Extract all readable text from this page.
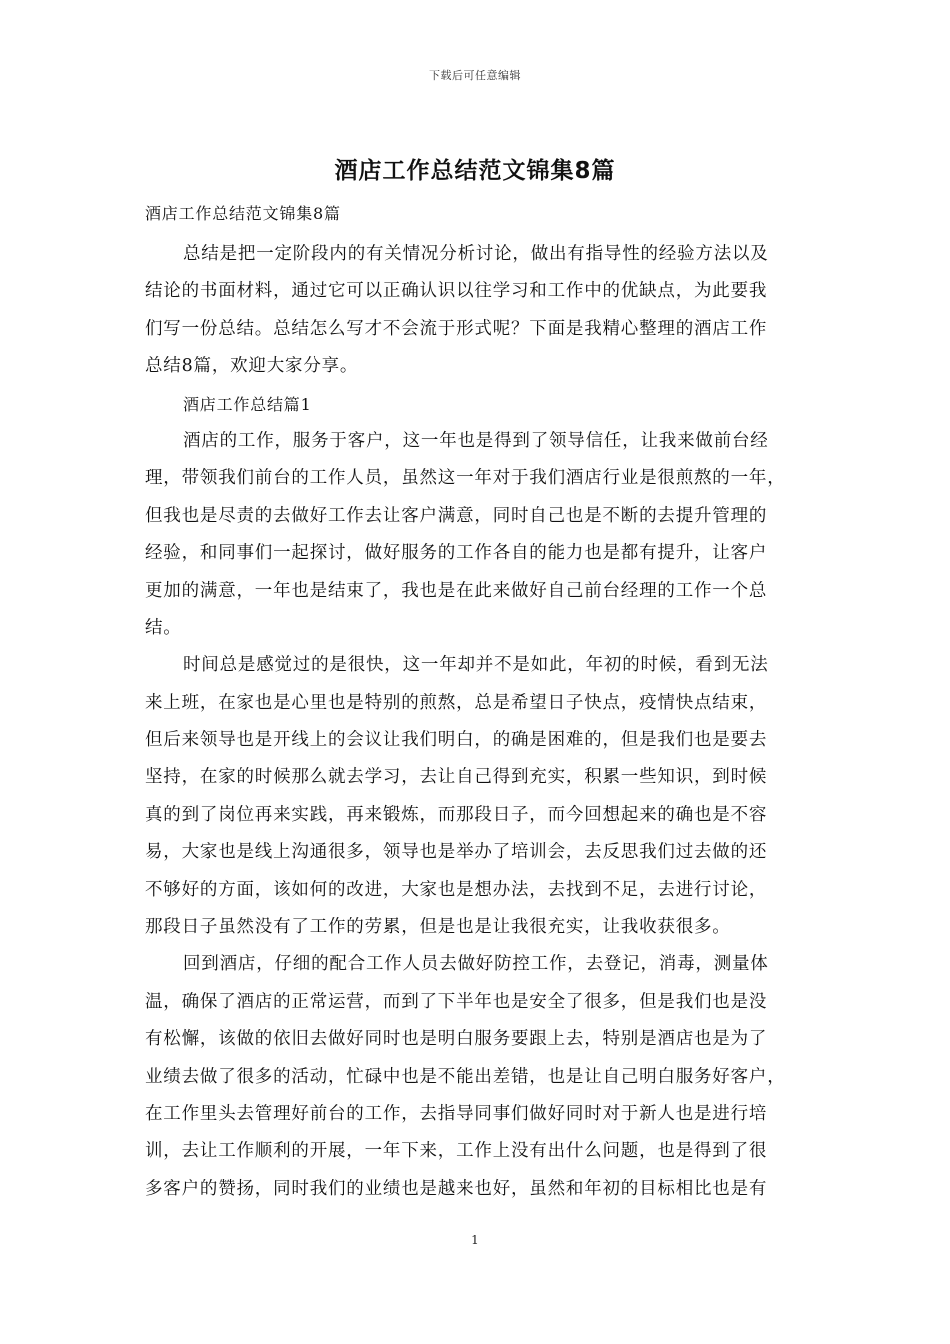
下载后可任意编辑
酒店工作总结范文锦集8篇
酒店工作总结范文锦集8篇
总结是把一定阶段内的有关情况分析讨论，做出有指导性的经验方法以及
结论的书面材料，通过它可以正确认识以往学习和工作中的优缺点，为此要我
们写一份总结。总结怎么写才不会流于形式呢？下面是我精心整理的酒店工作
总结8篇，欢迎大家分享。
酒店工作总结篇1
酒店的工作，服务于客户，这一年也是得到了领导信任，让我来做前台经
理，带领我们前台的工作人员，虽然这一年对于我们酒店行业是很煎熬的一年，
但我也是尽责的去做好工作去让客户满意，同时自己也是不断的去提升管理的
经验，和同事们一起探讨，做好服务的工作各自的能力也是都有提升，让客户
更加的满意，一年也是结束了，我也是在此来做好自己前台经理的工作一个总
结。
时间总是感觉过的是很快，这一年却并不是如此，年初的时候，看到无法
来上班，在家也是心里也是特别的煎熬，总是希望日子快点，疫情快点结束，
但后来领导也是开线上的会议让我们明白，的确是困难的，但是我们也是要去
坚持，在家的时候那么就去学习，去让自己得到充实，积累一些知识，到时候
真的到了岗位再来实践，再来锻炼，而那段日子，而今回想起来的确也是不容
易，大家也是线上沟通很多，领导也是举办了培训会，去反思我们过去做的还
不够好的方面，该如何的改进，大家也是想办法，去找到不足，去进行讨论，
那段日子虽然没有了工作的劳累，但是也是让我很充实，让我收获很多。
回到酒店，仔细的配合工作人员去做好防控工作，去登记，消毒，测量体
温，确保了酒店的正常运营，而到了下半年也是安全了很多，但是我们也是没
有松懈，该做的依旧去做好同时也是明白服务要跟上去，特别是酒店也是为了
业绩去做了很多的活动，忙碌中也是不能出差错，也是让自己明白服务好客户，
在工作里头去管理好前台的工作，去指导同事们做好同时对于新人也是进行培
训，去让工作顺利的开展，一年下来，工作上没有出什么问题，也是得到了很
多客户的赞扬，同时我们的业绩也是越来也好，虽然和年初的目标相比也是有
1
